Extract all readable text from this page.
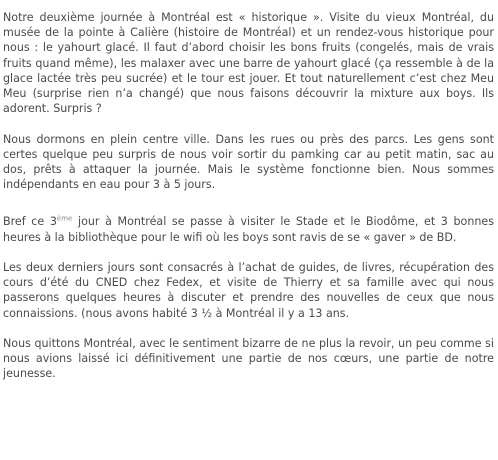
Notre deuxième journée à Montréal est « historique ». Visite du vieux Montréal, du musée de la pointe à Calière (histoire de Montréal) et un rendez-vous historique pour nous : le yahourt glacé. Il faut d’abord choisir les bons fruits (congelés, mais de vrais fruits quand même), les malaxer avec une barre de yahourt glacé (ça ressemble à de la glace lactée très peu sucrée) et le tour est jouer. Et tout naturellement c’est chez Meu Meu (surprise rien n’a changé) que nous faisons découvrir la mixture aux boys. Ils adorent. Surpris ?

Nous dormons en plein centre ville. Dans les rues ou près des parcs. Les gens sont certes quelque peu surpris de nous voir sortir du pamking car au petit matin, sac au dos, prêts à attaquer la journée. Mais le système fonctionne bien. Nous sommes indépendants en eau pour 3 à 5 jours.

Bref ce 3ème jour à Montréal se passe à visiter le Stade et le Biodôme, et 3 bonnes heures à la bibliothèque pour le wifi où les boys sont ravis de se « gaver » de BD.

Les deux derniers jours sont consacrés à l’achat de guides, de livres, récupération des cours d’été du CNED chez Fedex, et visite de Thierry et sa famille avec qui nous passerons quelques heures à discuter et prendre des nouvelles de ceux que nous connaissions. (nous avons habité 3 ½ à Montréal il y a 13 ans.

Nous quittons Montréal, avec le sentiment bizarre de ne plus la revoir, un peu comme si nous avions laissé ici définitivement une partie de nos cœurs, une partie de notre jeunesse.
